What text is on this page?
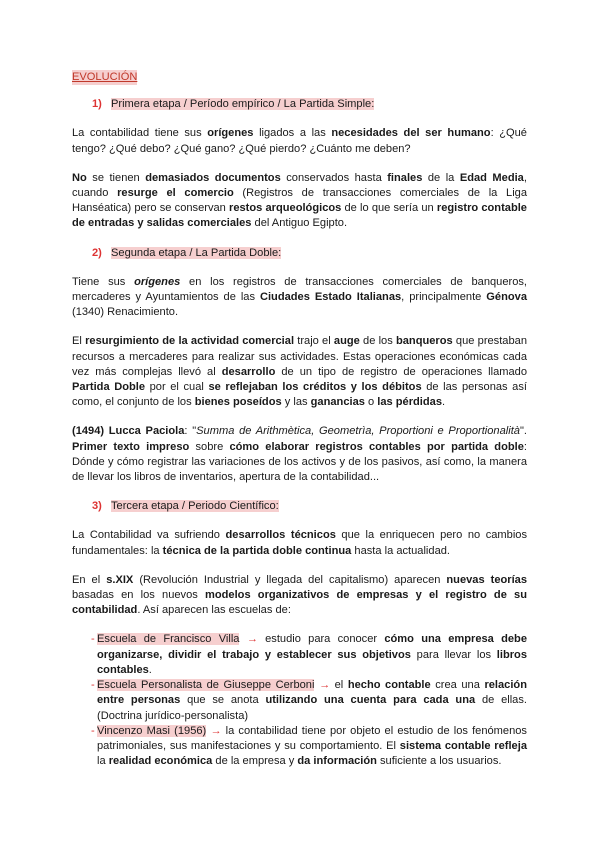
EVOLUCIÓN
1) Primera etapa / Período empírico / La Partida Simple:

La contabilidad tiene sus orígenes ligados a las necesidades del ser humano: ¿Qué tengo? ¿Qué debo? ¿Qué gano? ¿Qué pierdo? ¿Cuánto me deben?

No se tienen demasiados documentos conservados hasta finales de la Edad Media, cuando resurge el comercio (Registros de transacciones comerciales de la Liga Hanséatica) pero se conservan restos arqueológicos de lo que sería un registro contable de entradas y salidas comerciales del Antiguo Egipto.

2) Segunda etapa / La Partida Doble:

Tiene sus orígenes en los registros de transacciones comerciales de banqueros, mercaderes y Ayuntamientos de las Ciudades Estado Italianas, principalmente Génova (1340) Renacimiento.

El resurgimiento de la actividad comercial trajo el auge de los banqueros que prestaban recursos a mercaderes para realizar sus actividades. Estas operaciones económicas cada vez más complejas llevó al desarrollo de un tipo de registro de operaciones llamado Partida Doble por el cual se reflejaban los créditos y los débitos de las personas así como, el conjunto de los bienes poseídos y las ganancias o las pérdidas.

(1494) Lucca Paciola: "Summa de Arithmètica, Geometrìa, Proportioni e Proportionalità". Primer texto impreso sobre cómo elaborar registros contables por partida doble: Dónde y cómo registrar las variaciones de los activos y de los pasivos, así como, la manera de llevar los libros de inventarios, apertura de la contabilidad...

3) Tercera etapa / Periodo Científico:

La Contabilidad va sufriendo desarrollos técnicos que la enriquecen pero no cambios fundamentales: la técnica de la partida doble continua hasta la actualidad.

En el s.XIX (Revolución Industrial y llegada del capitalismo) aparecen nuevas teorías basadas en los nuevos modelos organizativos de empresas y el registro de su contabilidad. Así aparecen las escuelas de:

- Escuela de Francisco Villa → estudio para conocer cómo una empresa debe organizarse, dividir el trabajo y establecer sus objetivos para llevar los libros contables.
- Escuela Personalista de Giuseppe Cerboni → el hecho contable crea una relación entre personas que se anota utilizando una cuenta para cada una de ellas. (Doctrina jurídico-personalista)
- Vincenzo Masi (1956) → la contabilidad tiene por objeto el estudio de los fenómenos patrimoniales, sus manifestaciones y su comportamiento. El sistema contable refleja la realidad económica de la empresa y da información suficiente a los usuarios.
